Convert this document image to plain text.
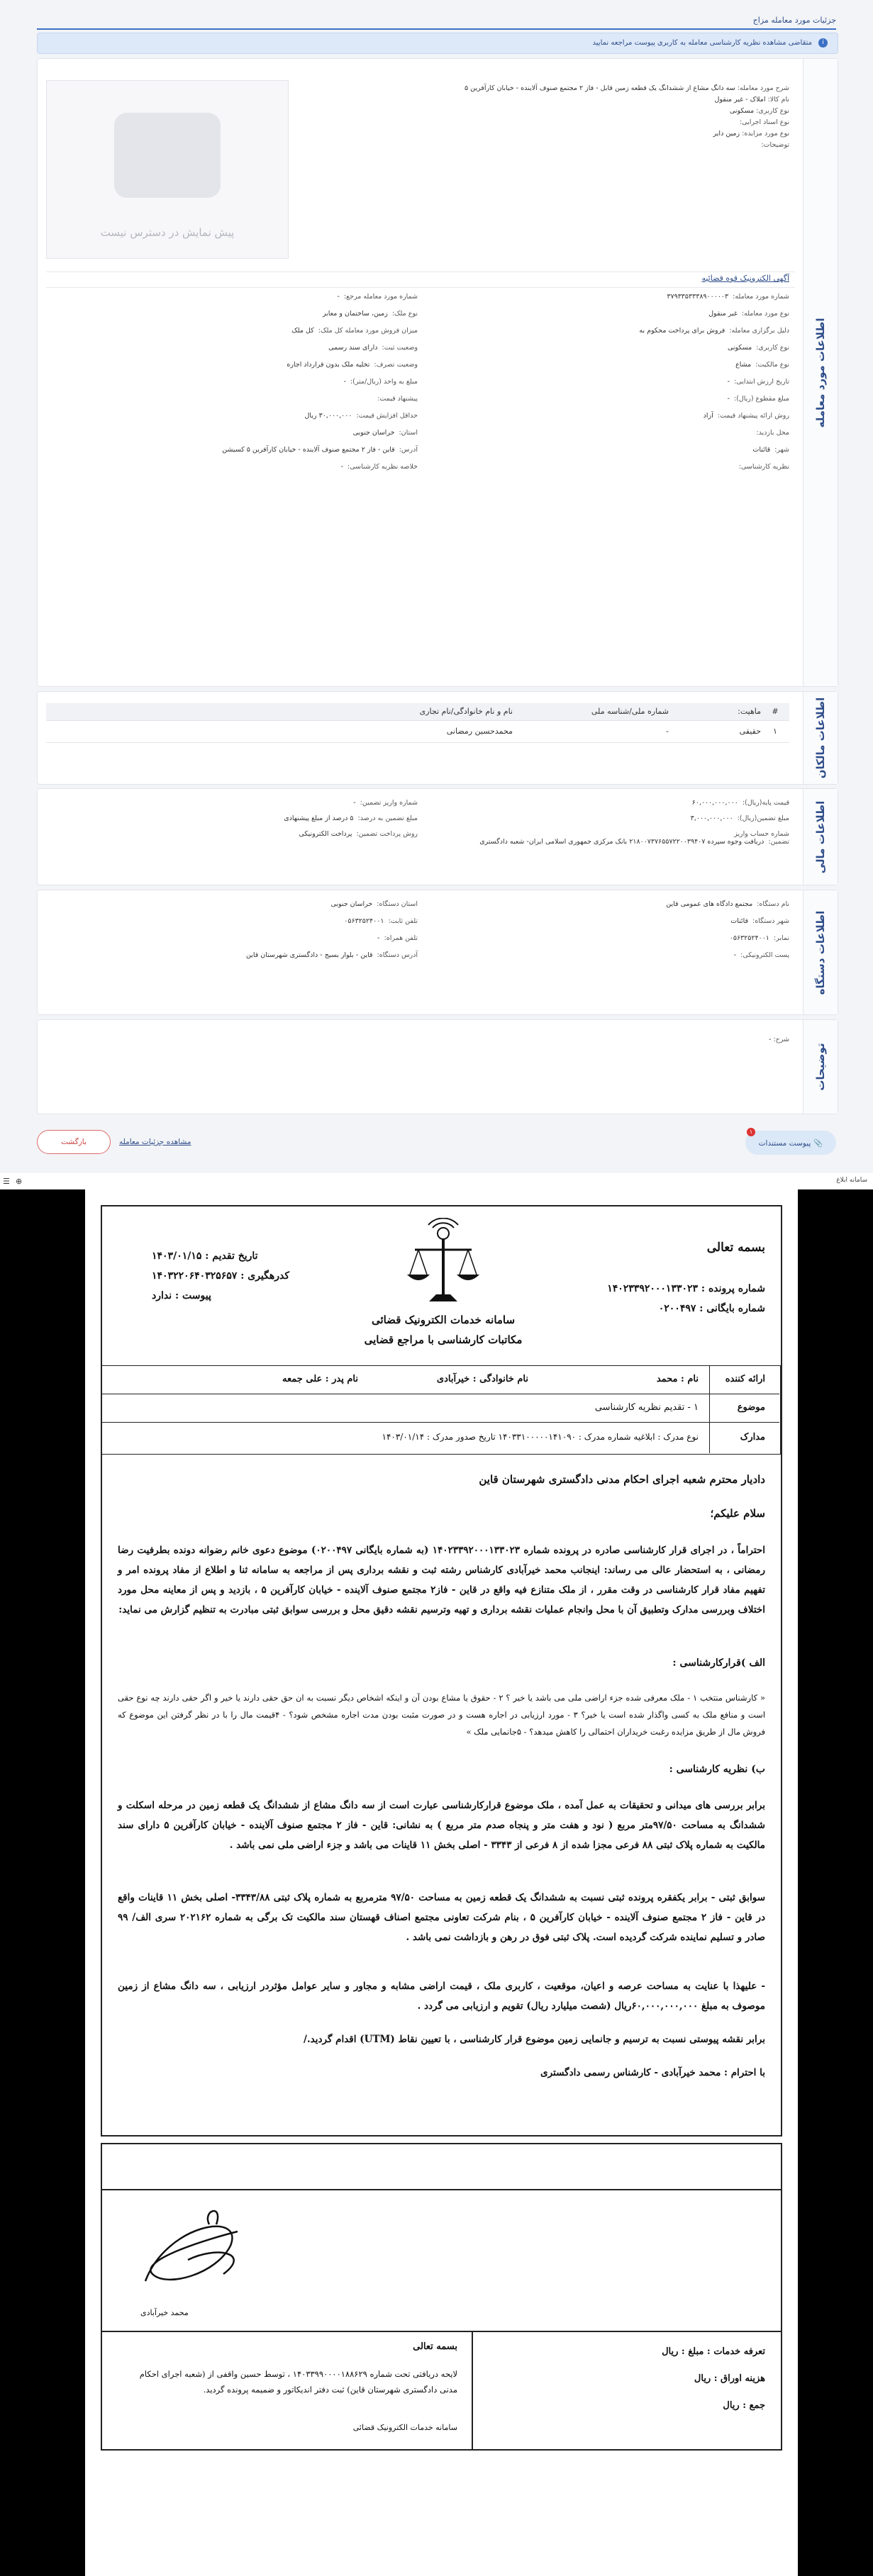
جزئیات مورد معامله مزاج
i
متقاضی مشاهده نظریه کارشناسی معامله به کاربری پیوست مراجعه نمایید
اطلاعات مورد معامله
شرح مورد معامله: سه دانگ مشاع از ششدانگ یک قطعه زمین قابل - فاز ۲ مجتمع صنوف آلاینده - خیابان کارآفرین ۵
نام کالا: املاک - غیر منقول
نوع کاربری: مسکونی
نوع اسناد اجرایی:
نوع مورد مزایده: زمین دایر
توضیحات:
پیش نمایش در دسترس نیست
آگهی الکترونیک قوه قضائیه
شماره مورد معامله:۳۷۹۳۳۵۳۳۳۸۹۰۰۰۰۰۳
شماره مورد معامله مرجع:-
نوع مورد معامله:غیر منقول
نوع ملک:زمین، ساختمان و معابر
دلیل برگزاری معامله:فروش برای پرداخت محکوم به
میزان فروش مورد معامله کل ملک:کل ملک
نوع کاربری:مسکونی
وضعیت ثبت:دارای سند رسمی
نوع مالکیت:مشاع
وضعیت تصرف:تخلیه ملک بدون قرارداد اجاره
تاریخ ارزش ابتدایی:-
مبلغ به واحد (ریال/متر):-
مبلغ مقطوع (ریال):-
پیشنهاد قیمت:
روش ارائه پیشنهاد قیمت:آزاد
حداقل افزایش قیمت:۳۰,۰۰۰,۰۰۰ ریال
محل بازدید:
استان:خراسان جنوبی
شهر:قائنات
آدرس:قاین - فاز ۲ مجتمع صنوف آلاینده - خیابان کارآفرین ۵ کسیشن
نظریه کارشناسی:
خلاصه نظریه کارشناسی:-
اطلاعات مالکان
#
ماهیت:
شماره ملی/شناسه ملی
نام و نام خانوادگی/نام تجاری
۱
حقیقی
-
محمدحسین رمضانی
اطلاعات مالی
قیمت پایه(ریال):۶۰,۰۰۰,۰۰۰,۰۰۰
شماره واریز تضمین:-
مبلغ تضمین(ریال):۳,۰۰۰,۰۰۰,۰۰۰
مبلغ تضمین به درصد:۵ درصد از مبلغ پیشنهادی
شماره حساب واریز تضمین:دریافت وجوه سپرده ۲۱۸۰۰۷۳۷۶۵۵۷۲۲۰۰۳۹۴۰۷ بانک مرکزی جمهوری اسلامی ایران- شعبه دادگستری
روش پرداخت تضمین:پرداخت الکترونیکی
اطلاعات دستگاه
نام دستگاه:مجتمع دادگاه های عمومی قاین
استان دستگاه:خراسان جنوبی
شهر دستگاه:قائنات
تلفن ثابت:۰۵۶۳۲۵۲۴۰۰۱
نمابر:۰۵۶۳۲۵۲۴۰۰۱
تلفن همراه:-
پست الکترونیکی:-
آدرس دستگاه:قاین - بلوار بسیج - دادگستری شهرستان قاین
توضیحات
شرح: -
📎پیوست مستندات
۱
مشاهده جزئیات معامله
بازگشت
☰ ⊕	سامانه ابلاغ
بسمه تعالی
شماره پرونده : ۱۴۰۲۳۳۹۲۰۰۰۱۳۳۰۲۳
شماره بایگانی : ۰۲۰۰۴۹۷
تاریخ تقدیم : ۱۴۰۳/۰۱/۱۵
کدرهگیری : ۱۴۰۳۲۲۰۶۴۰۳۲۵۶۵۷
پیوست : ندارد
سامانه خدمات الکترونیک قضائی
مکاتبات کارشناسی با مراجع قضایی
ارائه کننده
نام : محمد
نام خانوادگی : خیرآبادی
نام پدر : علی جمعه
موضوع
۱ - تقدیم نظریه کارشناسی
مدارک
نوع مدرک : ابلاغیه شماره مدرک : ۱۴۰۳۳۱۰۰۰۰۰۱۴۱۰۹۰ تاریخ صدور مدرک : ۱۴۰۳/۰۱/۱۴
دادیار محترم شعبه اجرای احکام مدنی دادگستری شهرستان قاین
سلام علیکم؛
احتراماً ، در اجرای قرار کارشناسی صادره در پرونده شماره ۱۴۰۲۳۳۹۲۰۰۰۱۳۳۰۲۳ (به شماره بایگانی ۰۲۰۰۴۹۷) موضوع دعوی خانم رضوانه دونده بطرفیت رضا رمضانی ، به استحضار عالی می رساند: اینجانب محمد خیرآبادی کارشناس رشته ثبت و نقشه برداری پس از مراجعه به سامانه ثنا و اطلاع از مفاد پرونده امر و تفهیم مفاد قرار کارشناسی در وقت مقرر ، از ملک متنازع فیه واقع در قاین - فاز۲ مجتمع صنوف آلاینده - خیابان کارآفرین ۵ ، بازدید و پس از معاینه محل مورد اختلاف وبررسی مدارک وتطبیق آن با محل وانجام عملیات نقشه برداری و تهیه وترسیم نقشه دقیق محل و بررسی سوابق ثبتی مبادرت به تنظیم گزارش می نماید:
الف )قرارکارشناسی :
« کارشناس منتخب ۱ - ملک معرفی شده جزء اراضی ملی می باشد یا خیر ؟ ۲ - حقوق یا مشاع بودن آن و اینکه اشخاص دیگر نسبت به ان حق حقی دارند یا خیر و اگر حقی دارند چه نوع حقی است و منافع ملک به کسی واگذار شده است یا خیر؟ ۳ - مورد ارزیابی در اجاره هست و در صورت مثبت بودن مدت اجاره مشخص شود؟ - ۴قیمت مال را با در نظر گرفتن این موضوع که فروش مال از طریق مزایده رغبت خریداران احتمالی را کاهش میدهد؟ - ۵جانمایی ملک »
ب) نظریه کارشناسی :
برابر بررسی های میدانی و تحقیقات به عمل آمده ، ملک موضوع قرارکارشناسی عبارت است از سه دانگ مشاع از ششدانگ یک قطعه زمین در مرحله اسکلت و ششدانگ به مساحت ۹۷/۵۰متر مربع ( نود و هفت متر و پنجاه صدم متر مربع ) به نشانی: قاین - فاز ۲ مجتمع صنوف آلاینده - خیابان کارآفرین ۵ دارای سند مالکیت به شماره پلاک ثبتی ۸۸ فرعی مجزا شده از ۸ فرعی از ۳۳۴۳ - اصلی بخش ۱۱ قاینات می باشد و جزء اراضی ملی نمی باشد .
سوابق ثبتی - برابر یکفقره پرونده ثبتی نسبت به ششدانگ یک قطعه زمین به مساحت ۹۷/۵۰ مترمربع به شماره پلاک ثبتی ۳۳۴۳/۸۸- اصلی بخش ۱۱ قاینات واقع در قاین - فاز ۲ مجتمع صنوف آلاینده - خیابان کارآفرین ۵ ، بنام شرکت تعاونی مجتمع اصناف قهستان سند مالکیت تک برگی به شماره ۲۰۲۱۶۲ سری الف/ ۹۹ صادر و تسلیم نماینده شرکت گردیده است. پلاک ثبتی فوق در رهن و بازداشت نمی باشد .
- علیهذا با عنایت به مساحت عرصه و اعیان، موقعیت ، کاربری ملک ، قیمت اراضی مشابه و مجاور و سایر عوامل مؤثردر ارزیابی ، سه دانگ مشاع از زمین موصوف به مبلغ ۶۰,۰۰۰,۰۰۰,۰۰۰ریال (شصت میلیارد ریال) تقویم و ارزیابی می گردد .
برابر نقشه پیوستی نسبت به ترسیم و جانمایی زمین موضوع قرار کارشناسی ، با تعیین نقاط (UTM) اقدام گردید./
با احترام : محمد خیرآبادی - کارشناس رسمی دادگستری
محمد خیرآبادی
تعرفه خدمات : مبلغ : ریال
هزینه اوراق : ریال
جمع : ریال
بسمه تعالی
لایحه دریافتی تحت شماره ۱۴۰۳۳۹۹۰۰۰۰۱۸۸۶۲۹ ، توسط حسین واقفی از (شعبه اجرای احکام مدنی دادگستری شهرستان قاین) ثبت دفتر اندیکاتور و ضمیمه پرونده گردید.
سامانه خدمات الکترونیک قضائی
